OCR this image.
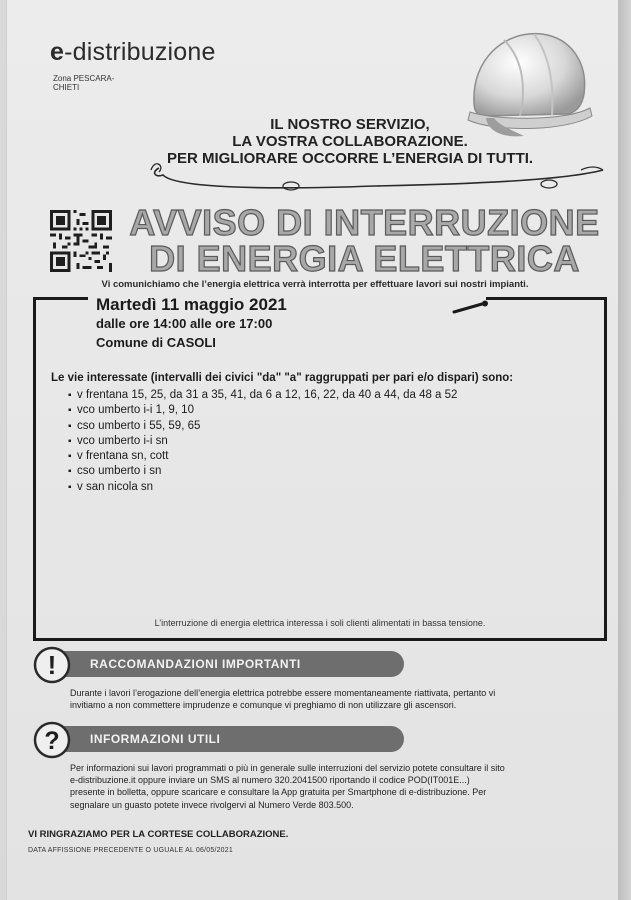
e-distribuzione
Zona PESCARA-CHIETI
IL NOSTRO SERVIZIO,
LA VOSTRA COLLABORAZIONE.
PER MIGLIORARE OCCORRE L’ENERGIA DI TUTTI.
AVVISO DI INTERRUZIONE
DI ENERGIA ELETTRICA
Vi comunichiamo che l’energia elettrica verrà interrotta per effettuare lavori sui nostri impianti.
Martedì 11 maggio 2021
dalle ore 14:00 alle ore 17:00
Comune di CASOLI
Le vie interessate (intervalli dei civici "da" "a" raggruppati per pari e/o dispari) sono:
▪ v frentana 15, 25, da 31 a 35, 41, da 6 a 12, 16, 22, da 40 a 44, da 48 a 52
▪ vco umberto i-i 1, 9, 10
▪ cso umberto i 55, 59, 65
▪ vco umberto i-i sn
▪ v frentana sn, cott
▪ cso umberto i sn
▪ v san nicola sn
L’interruzione di energia elettrica interessa i soli clienti alimentati in bassa tensione.
RACCOMANDAZIONI IMPORTANTI
!
Durante i lavori l’erogazione dell’energia elettrica potrebbe essere momentaneamente riattivata, pertanto vi
invitiamo a non commettere imprudenze e comunque vi preghiamo di non utilizzare gli ascensori.
INFORMAZIONI UTILI
?
Per informazioni sui lavori programmati o più in generale sulle interruzioni del servizio potete consultare il sito
e-distribuzione.it oppure inviare un SMS al numero 320.2041500 riportando il codice POD(IT001E...)
presente in bolletta, oppure scaricare e consultare la App gratuita per Smartphone di e-distribuzione. Per
segnalare un guasto potete invece rivolgervi al Numero Verde 803.500.
VI RINGRAZIAMO PER LA CORTESE COLLABORAZIONE.
DATA AFFISSIONE PRECEDENTE O UGUALE AL 06/05/2021
